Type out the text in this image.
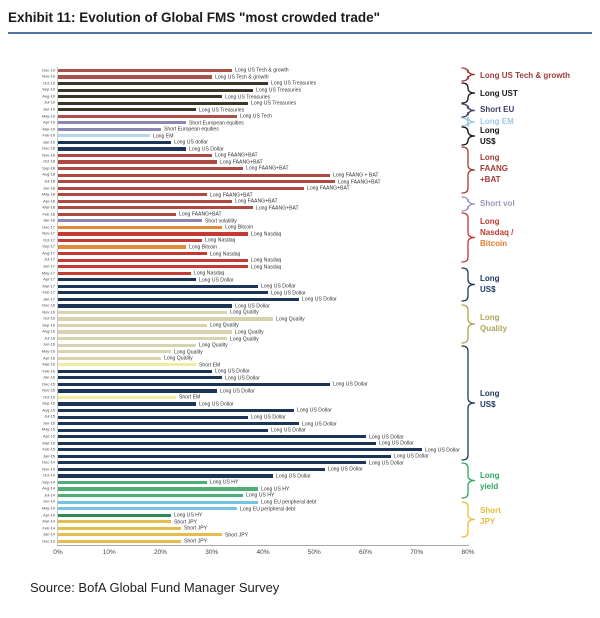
Exhibit 11: Evolution of Global FMS "most crowded trade"
Dec-19	Long US Tech & growth
Nov-19	Long US Tech & growth
Oct-19	Long US Treasuries
Sep-19	Long US Treasuries
Aug-19	Long US Treasuries
Jul-19	Long US Treasuries
Jun-19	Long US Treasuries
May-19	Long US Tech
Apr-19	Short European equities
Mar-19	Short European equities
Feb-19	Long EM
Jan-19	Long US dollar
Dec-18	Long US Dollar
Nov-18	Long FAANG+BAT
Oct-18	Long FAANG+BAT
Sep-18	Long FAANG+BAT
Aug-18	Long FAANG + BAT
Jul-18	Long FAANG+BAT
Jun-18	Long FAANG+BAT
May-18	Long FAANG+BAT
Apr-18	Long FAANG+BAT
Mar-18	Long FAANG+BAT
Feb-18	Long FAANG+BAT
Jan-18	Short volatility
Dec-17	Long Bitcoin
Nov-17	Long Nasdaq
Oct-17	Long Nasdaq
Sep-17	Long Bitcoin
Aug-17	Long Nasdaq
Jul-17	Long Nasdaq
Jun-17	Long Nasdaq
May-17	Long Nasdaq
Apr-17	Long US Dollar
Mar-17	Long US Dollar
Feb-17	Long US Dollar
Jan-17	Long US Dollar
Dec-16	Long US Dollar
Nov-16	Long Quality
Oct-16	Long Quality
Sep-16	Long Quality
Aug-16	Long Quality
Jul-16	Long Quality
Jun-16	Long Quality
May-16	Long Quality
Apr-16	Long Quality
Mar-16	Short EM
Feb-16	Long US Dollar
Jan-16	Long US Dollar
Dec-15	Long US Dollar
Nov-15	Long US Dollar
Oct-15	Short EM
Sep-15	Long US Dollar
Aug-15	Long US Dollar
Jul-15	Long US Dollar
Jun-15	Long US Dollar
May-15	Long US Dollar
Apr-15	Long US Dollar
Mar-15	Long US Dollar
Feb-15	Long US Dollar
Jan-15	Long US Dollar
Dec-14	Long US Dollar
Nov-14	Long US Dollar
Oct-14	Long US Dollar
Sep-14	Long US HY
Aug-14	Long US HY
Jul-14	Long US HY
Jun-14	Long EU peripheral debt
May-14	Long EU peripheral debt
Apr-14	Long US HY
Mar-14	Short JPY
Feb-14	Short JPY
Jan-14	Short JPY
Dec-13	Short JPY
0%	10%	20%	30%	40%	50%	60%	70%	80%
Long US Tech & growth
Long UST
Short EU
Long EM
Long
US$
Long
FAANG
+BAT
Short vol
Long
Nasdaq /
Bitcoin
Long
US$
Long
Quality
Long
US$
Long
yield
Short
JPY
Source: BofA Global Fund Manager Survey
